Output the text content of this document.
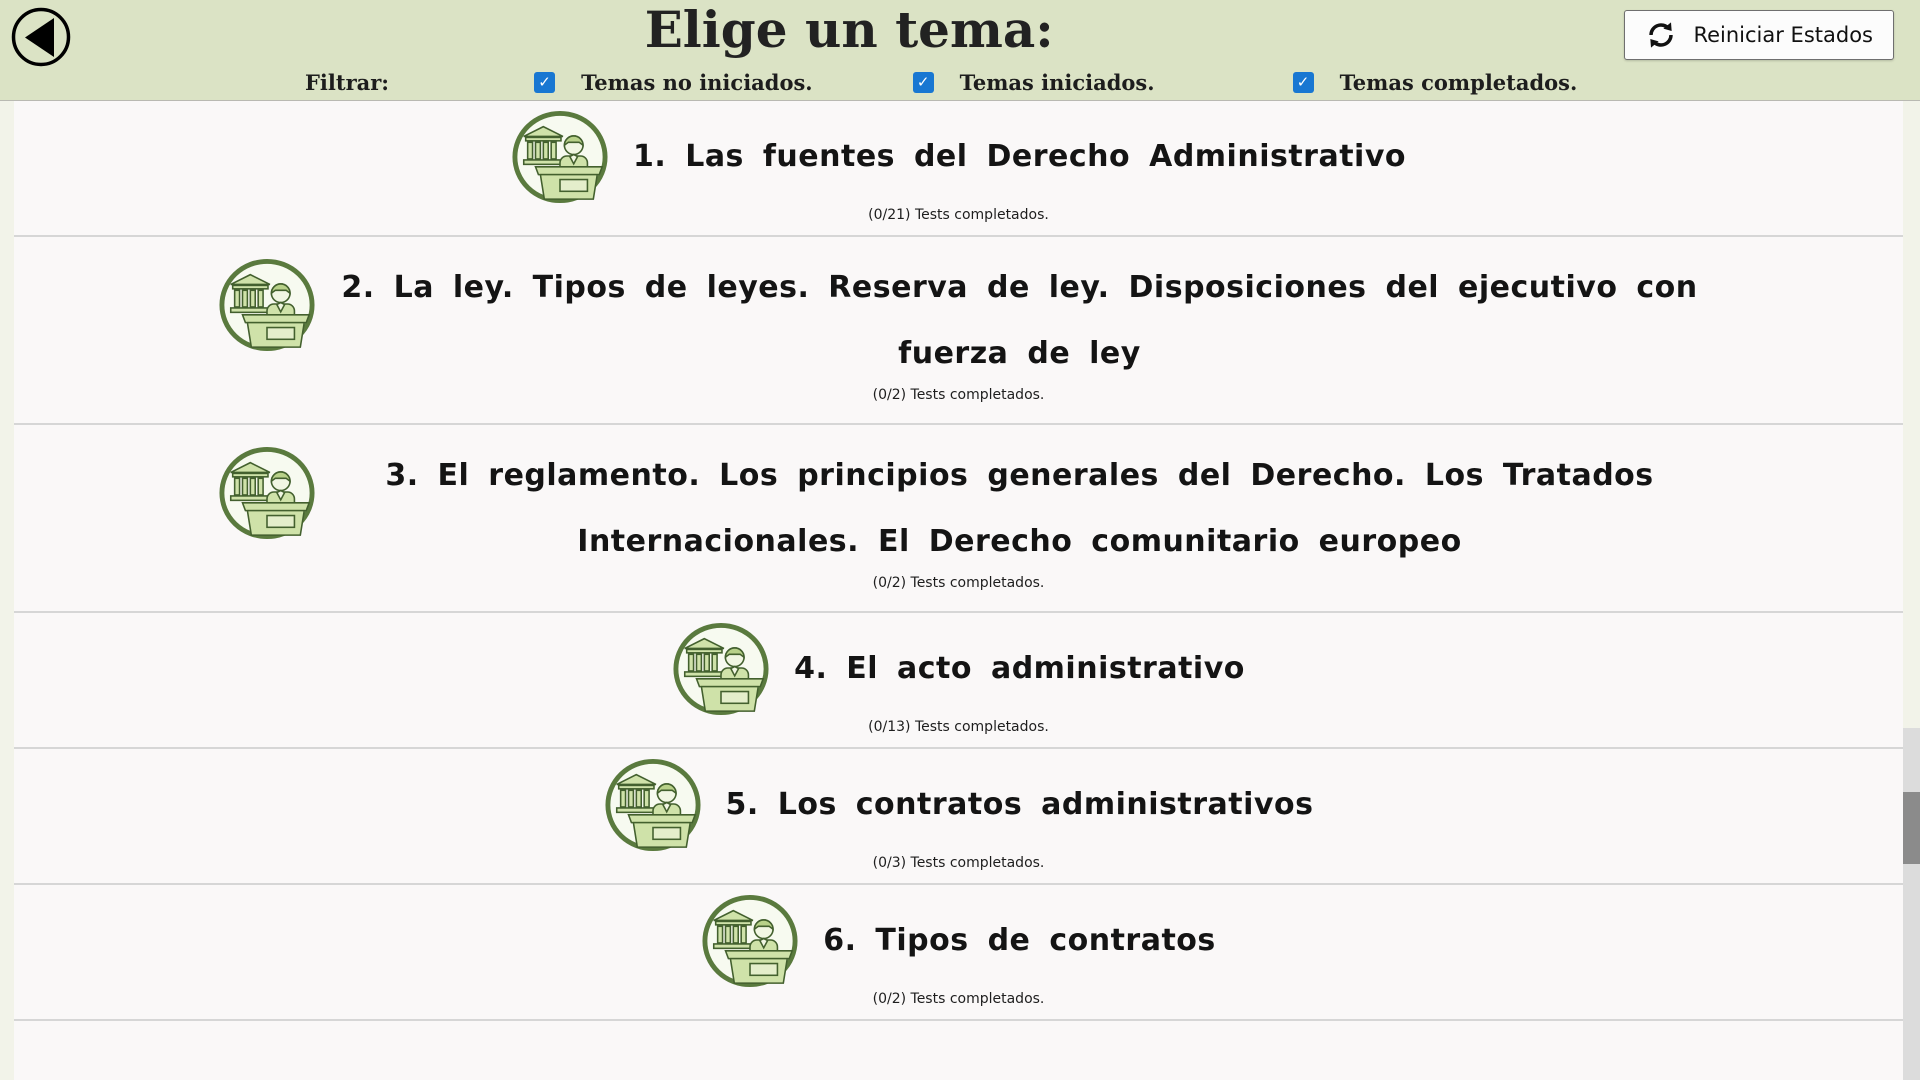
Elige un tema:	Reiniciar Estados
Filtrar:	✓ Temas no iniciados.	✓ Temas iniciados.	✓ Temas completados.
1. Las fuentes del Derecho Administrativo

(0/21) Tests completados.

2. La ley. Tipos de leyes. Reserva de ley. Disposiciones del ejecutivo con fuerza de ley

(0/2) Tests completados.

3. El reglamento. Los principios generales del Derecho. Los Tratados Internacionales. El Derecho comunitario europeo

(0/2) Tests completados.

4. El acto administrativo

(0/13) Tests completados.

5. Los contratos administrativos

(0/3) Tests completados.

6. Tipos de contratos

(0/2) Tests completados.
